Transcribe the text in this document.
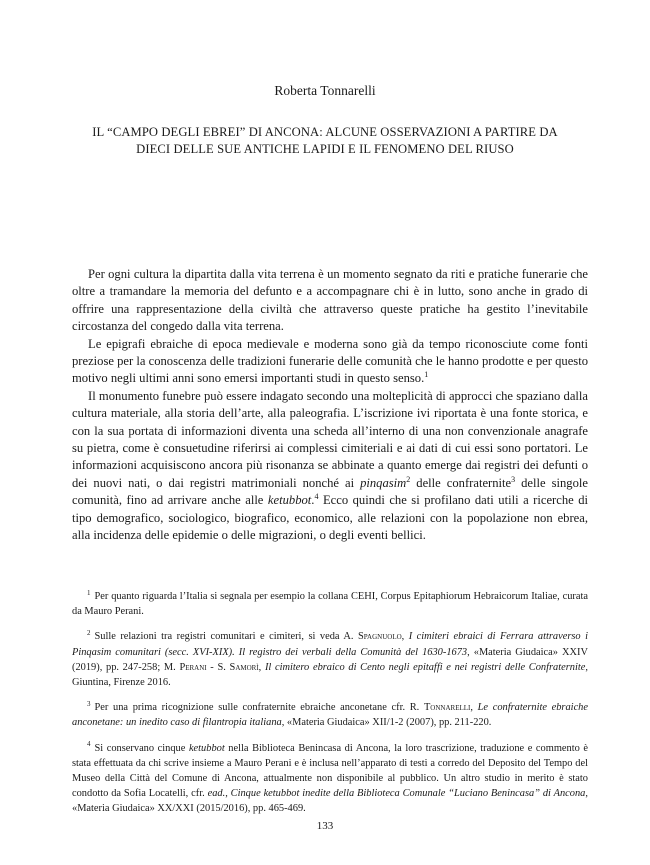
Roberta Tonnarelli
IL “CAMPO DEGLI EBREI” DI ANCONA: ALCUNE OSSERVAZIONI A PARTIRE DA
DIECI DELLE SUE ANTICHE LAPIDI E IL FENOMENO DEL RIUSO

Per ogni cultura la dipartita dalla vita terrena è un momento segnato da riti e pratiche funerarie che oltre a tramandare la memoria del defunto e a accompagnare chi è in lutto, sono anche in grado di offrire una rappresentazione della civiltà che attraverso queste pratiche ha gestito l’inevitabile circostanza del congedo dalla vita terrena.

Le epigrafi ebraiche di epoca medievale e moderna sono già da tempo riconosciute come fonti preziose per la conoscenza delle tradizioni funerarie delle comunità che le hanno prodotte e per questo motivo negli ultimi anni sono emersi importanti studi in questo senso.$^1$

Il monumento funebre può essere indagato secondo una molteplicità di approcci che spaziano dalla cultura materiale, alla storia dell’arte, alla paleografia. L’iscrizione ivi riportata è una fonte storica, e con la sua portata di informazioni diventa una scheda all’interno di una non convenzionale anagrafe su pietra, come è consuetudine riferirsi ai complessi cimiteriali e ai dati di cui essi sono portatori. Le informazioni acquisiscono ancora più risonanza se abbinate a quanto emerge dai registri dei defunti o dei nuovi nati, o dai registri matrimoniali nonché ai pinqasim$^2$ delle confraternite$^3$ delle singole comunità, fino ad arrivare anche alle ketubbot.$^4$ Ecco quindi che si profilano dati utili a ricerche di tipo demografico, sociologico, biografico, economico, alle relazioni con la popolazione non ebrea, alla incidenza delle epidemie o delle migrazioni, o degli eventi bellici.

$^1$ Per quanto riguarda l’Italia si segnala per esempio la collana CEHI, Corpus Epitaphiorum Hebraicorum Italiae, curata da Mauro Perani.

$^2$ Sulle relazioni tra registri comunitari e cimiteri, si veda A. Spagnuolo, I cimiteri ebraici di Ferrara attraverso i Pinqasim comunitari (secc. XVI-XIX). Il registro dei verbali della Comunità del 1630-1673, «Materia Giudaica» XXIV (2019), pp. 247-258; M. Perani - S. Samorì, Il cimitero ebraico di Cento negli epitaffi e nei registri delle Confraternite, Giuntina, Firenze 2016.

$^3$ Per una prima ricognizione sulle confraternite ebraiche anconetane cfr. R. Tonnarelli, Le confraternite ebraiche anconetane: un inedito caso di filantropia italiana, «Materia Giudaica» XII/1-2 (2007), pp. 211-220.

$^4$ Si conservano cinque ketubbot nella Biblioteca Benincasa di Ancona, la loro trascrizione, traduzione e commento è stata effettuata da chi scrive insieme a Mauro Perani e è inclusa nell’apparato di testi a corredo del Deposito del Tempo del Museo della Città del Comune di Ancona, attualmente non disponibile al pubblico. Un altro studio in merito è stato condotto da Sofia Locatelli, cfr. ead., Cinque ketubbot inedite della Biblioteca Comunale “Luciano Benincasa” di Ancona, «Materia Giudaica» XX/XXI (2015/2016), pp. 465-469.

133
